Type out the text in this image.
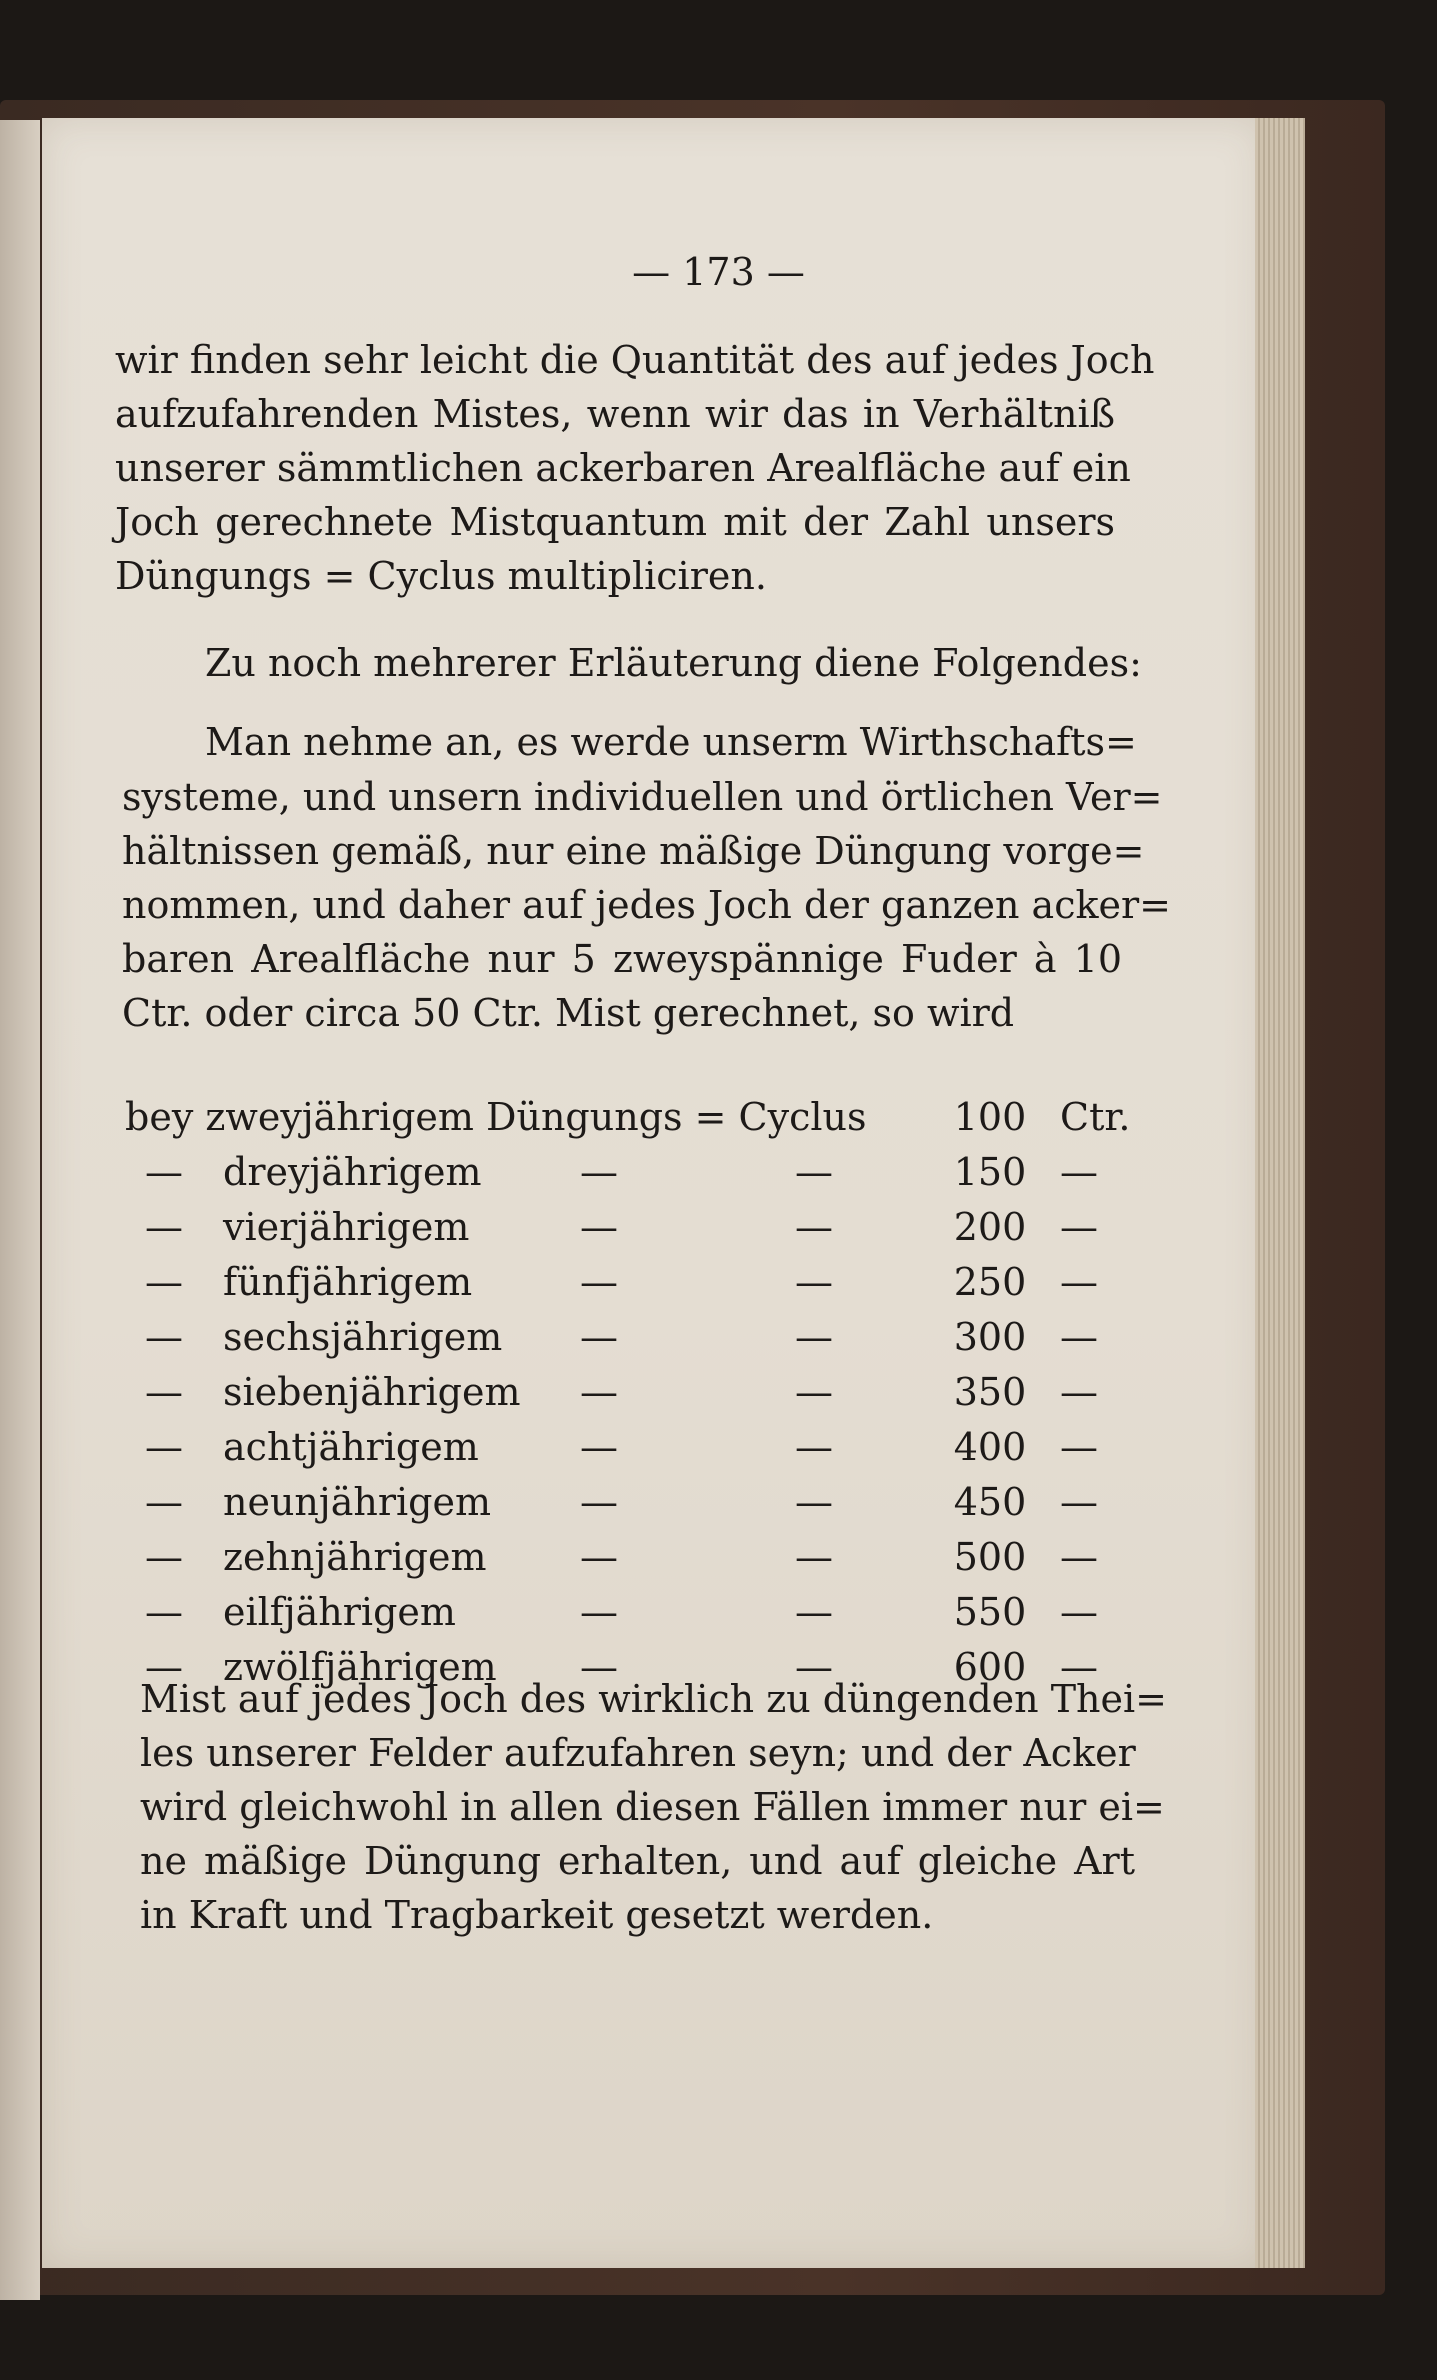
— 173 —
wir finden sehr leicht die Quantität des auf jedes Joch
aufzufahrenden Mistes, wenn wir das in Verhältniß
unserer sämmtlichen ackerbaren Arealfläche auf ein
Joch gerechnete Mistquantum mit der Zahl unsers
Düngungs = Cyclus multipliciren.
Zu noch mehrerer Erläuterung diene Folgendes:
Man nehme an, es werde unserm Wirthschafts=
systeme, und unsern individuellen und örtlichen Ver=
hältnissen gemäß, nur eine mäßige Düngung vorge=
nommen, und daher auf jedes Joch der ganzen acker=
baren Arealfläche nur 5 zweyspännige Fuder à 10
Ctr. oder circa 50 Ctr. Mist gerechnet, so wird
bey zweyjährigem Düngungs = Cyclus	100 Ctr.
— dreyjährigem	—	—	150 —
— vierjährigem	—	—	200 —
— fünfjährigem	—	—	250 —
— sechsjährigem —	—	300 —
— siebenjährigem —	—	350 —
— achtjährigem	—	—	400 —
— neunjährigem —	—	450 —
— zehnjährigem —	—	500 —
— eilfjährigem	—	—	550 —
— zwölfjährigem —	—	600 —
Mist auf jedes Joch des wirklich zu düngenden Thei=
les unserer Felder aufzufahren seyn; und der Acker
wird gleichwohl in allen diesen Fällen immer nur ei=
ne mäßige Düngung erhalten, und auf gleiche Art
in Kraft und Tragbarkeit gesetzt werden.
